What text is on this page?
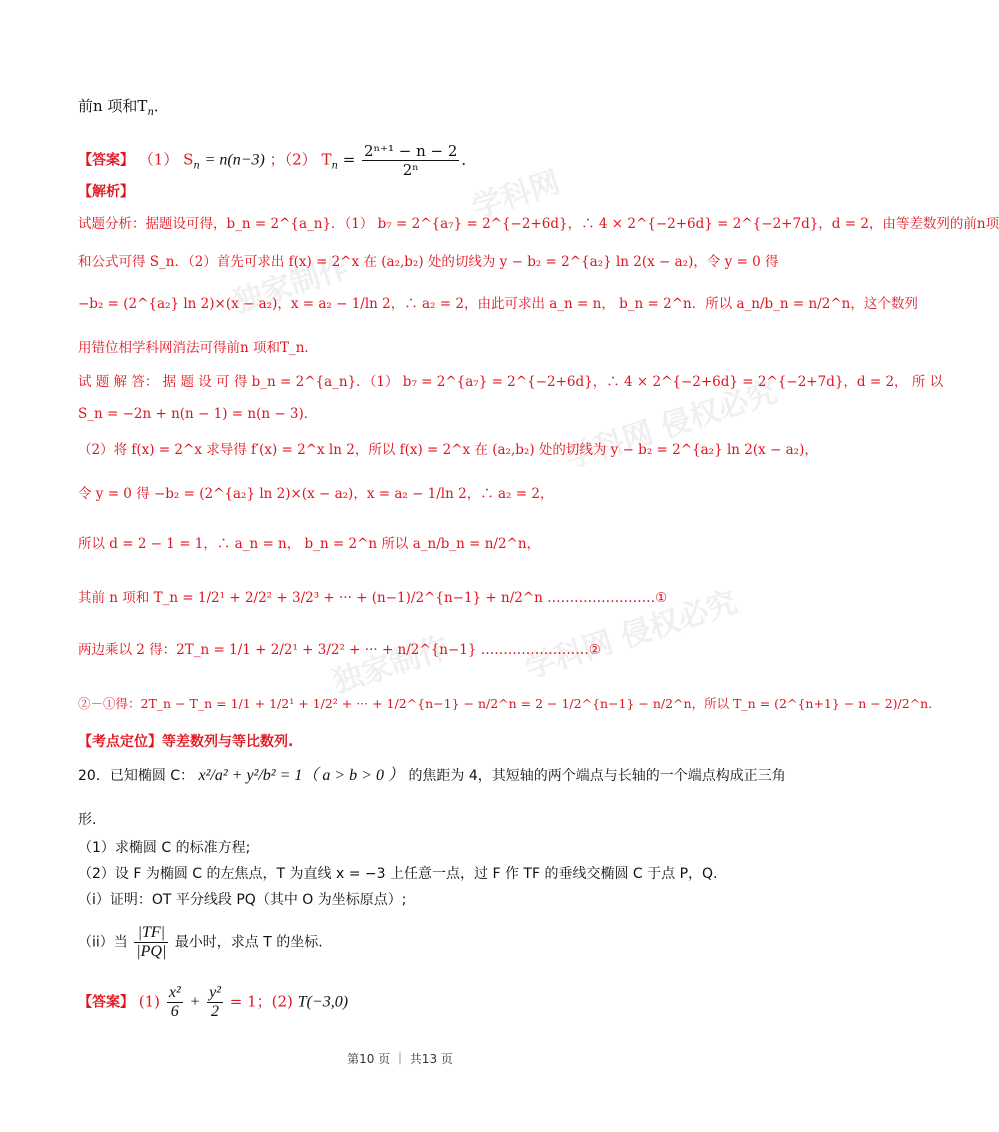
学科网
学科网 侵权必究
学科网 侵权必究
独家制作
独家制作
前n 项和$T_n$．
【答案】 （1） $S_n = n(n-3)$ ；（2） $T_n = \frac{\text{2ⁿ⁺¹ − n − 2}}{\text{2ⁿ}}$ ．
【解析】
试题分析：据题设可得，b_n = 2^{a_n}．（1） b₇ = 2^{a₇} = 2^{−2+6d}，∴ 4 × 2^{−2+6d} = 2^{−2+7d}，d = 2，由等差数列的前n项
和公式可得 S_n．（2）首先可求出 f(x) = 2^x 在 (a₂,b₂) 处的切线为 y − b₂ = 2^{a₂} ln 2(x − a₂)，令 y = 0 得
−b₂ = (2^{a₂} ln 2)×(x − a₂)，x = a₂ − 1/ln 2，∴ a₂ = 2，由此可求出 a_n = n， b_n = 2^n．所以 a_n/b_n = n/2^n，这个数列
用错位相学科网消法可得前n 项和T_n．
试 题 解 答： 据 题 设 可 得 b_n = 2^{a_n}．（1） b₇ = 2^{a₇} = 2^{−2+6d}，∴ 4 × 2^{−2+6d} = 2^{−2+7d}，d = 2， 所 以
S_n = −2n + n(n − 1) = n(n − 3)．
（2）将 f(x) = 2^x 求导得 f′(x) = 2^x ln 2，所以 f(x) = 2^x 在 (a₂,b₂) 处的切线为 y − b₂ = 2^{a₂} ln 2(x − a₂)，
令 y = 0 得 −b₂ = (2^{a₂} ln 2)×(x − a₂)，x = a₂ − 1/ln 2，∴ a₂ = 2，
所以 d = 2 − 1 = 1，∴ a_n = n， b_n = 2^n 所以 a_n/b_n = n/2^n，
其前 n 项和 T_n = 1/2¹ + 2/2² + 3/2³ + ··· + (n−1)/2^{n−1} + n/2^n ……………………①
两边乘以 2 得：2T_n = 1/1 + 2/2¹ + 3/2² + ··· + n/2^{n−1} ……………………②
②－①得：2T_n − T_n = 1/1 + 1/2¹ + 1/2² + ··· + 1/2^{n−1} − n/2^n = 2 − 1/2^{n−1} − n/2^n，所以 T_n = (2^{n+1} − n − 2)/2^n．
【考点定位】等差数列与等比数列.
20．已知椭圆 C： x²/a² + y²/b² = 1（ a > b > 0 ） 的焦距为 4，其短轴的两个端点与长轴的一个端点构成正三角
形.
（1）求椭圆 C 的标准方程;
（2）设 F 为椭圆 C 的左焦点，T 为直线 x = −3 上任意一点，过 F 作 TF 的垂线交椭圆 C 于点 P，Q.
（i）证明：OT 平分线段 PQ（其中 O 为坐标原点）;
（ii）当 $\frac{|TF|}{|PQ|}$ 最小时，求点 T 的坐标.
【答案】 $(1) \frac{\text{x²}}{6} + \frac{\text{y²}}{2} = 1$；(2) T(−3,0)
第10 页 ｜ 共13 页
